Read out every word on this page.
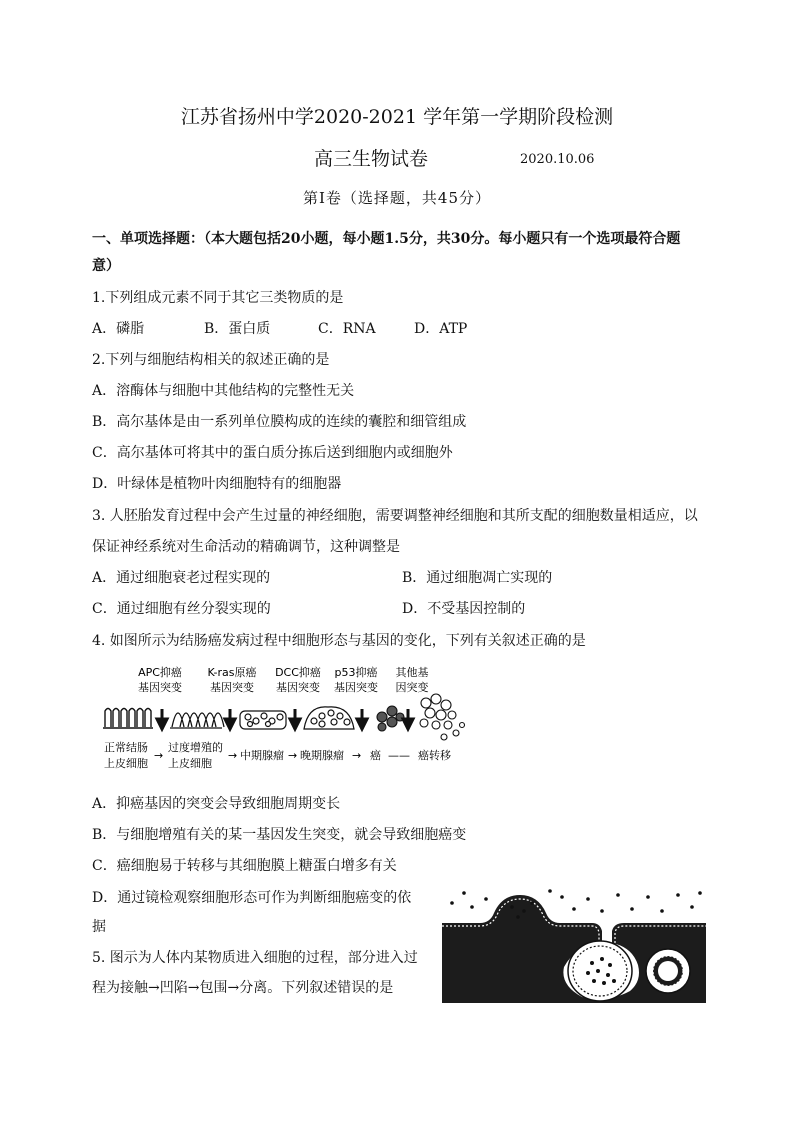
江苏省扬州中学2020-2021 学年第一学期阶段检测
高三生物试卷	2020.10.06
第Ⅰ卷（选择题，共45分）
一、单项选择题：（本大题包括20小题，每小题1.5分，共30分。每小题只有一个选项最符合题
意）
1.下列组成元素不同于其它三类物质的是
A．磷脂	B．蛋白质	C．RNA	D．ATP
2.下列与细胞结构相关的叙述正确的是
A．溶酶体与细胞中其他结构的完整性无关
B．高尔基体是由一系列单位膜构成的连续的囊腔和细管组成
C．高尔基体可将其中的蛋白质分拣后送到细胞内或细胞外
D．叶绿体是植物叶肉细胞特有的细胞器
3. 人胚胎发育过程中会产生过量的神经细胞，需要调整神经细胞和其所支配的细胞数量相适应，以
保证神经系统对生命活动的精确调节，这种调整是
A．通过细胞衰老过程实现的	B．通过细胞凋亡实现的
C．通过细胞有丝分裂实现的	D．不受基因控制的
4. 如图所示为结肠癌发病过程中细胞形态与基因的变化，下列有关叙述正确的是
APC抑癌
基因突变
K-ras原癌
基因突变
DCC抑癌
基因突变
p53抑癌
基因突变
其他基
因突变
正常结肠
上皮细胞
→
过度增殖的
上皮细胞
→ 中期腺瘤 → 晚期腺瘤 → 癌 —— 癌转移
A．抑癌基因的突变会导致细胞周期变长
B．与细胞增殖有关的某一基因发生突变，就会导致细胞癌变
C．癌细胞易于转移与其细胞膜上糖蛋白增多有关
D．通过镜检观察细胞形态可作为判断细胞癌变的依
据
5. 图示为人体内某物质进入细胞的过程，部分进入过
程为接触→凹陷→包围→分离。下列叙述错误的是
